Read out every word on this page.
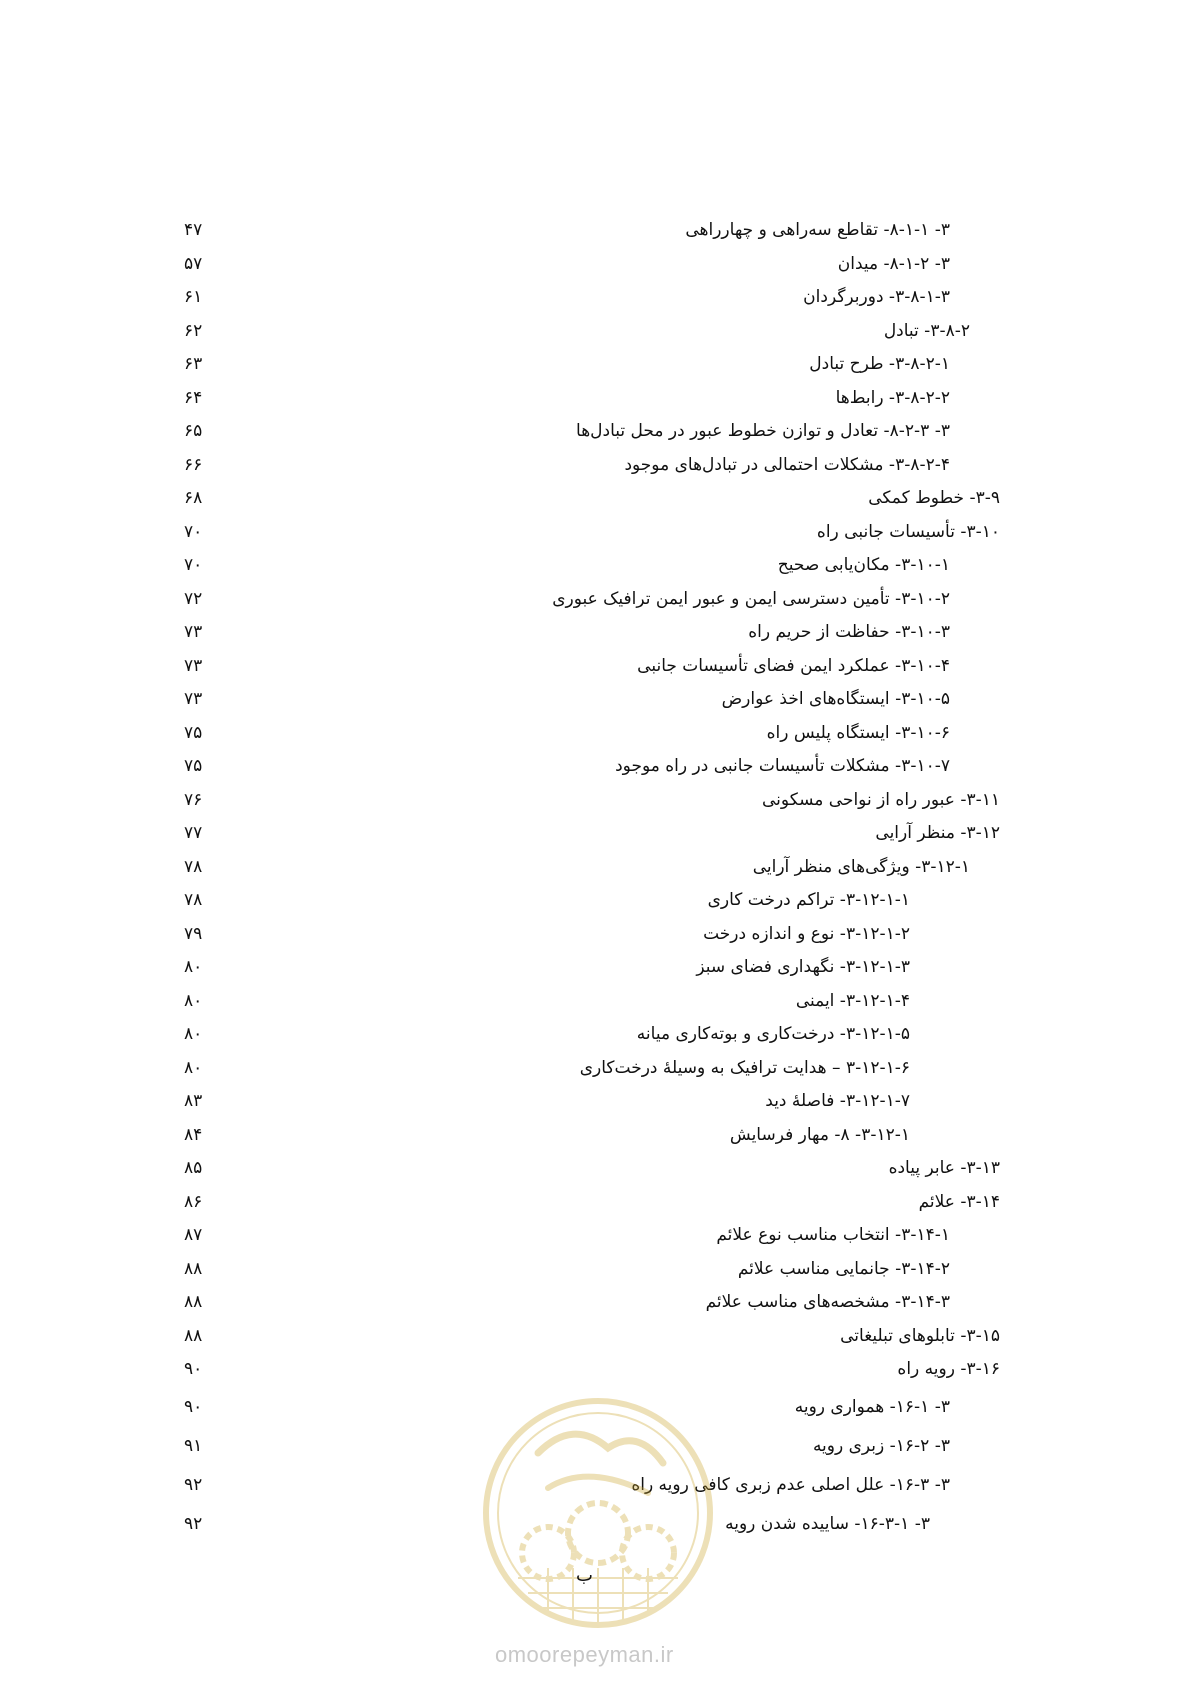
۳- ۸-۱-۱- تقاطع سه‌راهی و چهارراهی
۴۷
۳- ۸-۱-۲- میدان
۵۷
۳-۸-۱-۳- دوربرگردان
۶۱
۳-۸-۲- تبادل
۶۲
۳-۸-۲-۱- طرح تبادل
۶۳
۳-۸-۲-۲- رابط‌ها
۶۴
۳- ۸-۲-۳- تعادل و توازن خطوط عبور در محل تبادل‌ها
۶۵
۳-۸-۲-۴- مشکلات احتمالی در تبادل‌های موجود
۶۶
۳-۹- خطوط کمکی
۶۸
۳-۱۰- تأسیسات جانبی راه
۷۰
۳-۱۰-۱- مکان‌یابی صحیح
۷۰
۳-۱۰-۲- تأمین دسترسی ایمن و عبور ایمن ترافیک عبوری
۷۲
۳-۱۰-۳- حفاظت از حریم راه
۷۳
۳-۱۰-۴- عملکرد ایمن فضای تأسیسات جانبی
۷۳
۳-۱۰-۵- ایستگاه‌های اخذ عوارض
۷۳
۳-۱۰-۶- ایستگاه پلیس راه
۷۵
۳-۱۰-۷- مشکلات تأسیسات جانبی در راه موجود
۷۵
۳-۱۱- عبور راه از نواحی مسکونی
۷۶
۳-۱۲- منظر آرایی
۷۷
۳-۱۲-۱- ویژگی‌های منظر آرایی
۷۸
۳-۱۲-۱-۱- تراکم درخت کاری
۷۸
۳-۱۲-۱-۲- نوع و اندازه درخت
۷۹
۳-۱۲-۱-۳- نگهداری فضای سبز
۸۰
۳-۱۲-۱-۴- ایمنی
۸۰
۳-۱۲-۱-۵- درخت‌کاری و بوته‌کاری میانه
۸۰
۳-۱۲-۱-۶ – هدایت ترافیک به وسیلهٔ درخت‌کاری
۸۰
۳-۱۲-۱-۷- فاصلهٔ دید
۸۳
۳-۱۲-۱- ۸- مهار فرسایش
۸۴
۳-۱۳- عابر پیاده
۸۵
۳-۱۴- علائم
۸۶
۳-۱۴-۱- انتخاب مناسب نوع علائم
۸۷
۳-۱۴-۲- جانمایی مناسب علائم
۸۸
۳-۱۴-۳- مشخصه‌های مناسب علائم
۸۸
۳-۱۵- تابلوهای تبلیغاتی
۸۸
۳-۱۶- رویه راه
۹۰
۳- ۱۶-۱- هموارى رويه
۹۰
۳- ۱۶-۲- زبری رویه
۹۱
۳- ۱۶-۳- علل اصلی عدم زبری کافی رویه راه
۹۲
۳- ۱۶-۳-۱- ساییده شدن رویه
۹۲
omoorepeyman.ir
ب
